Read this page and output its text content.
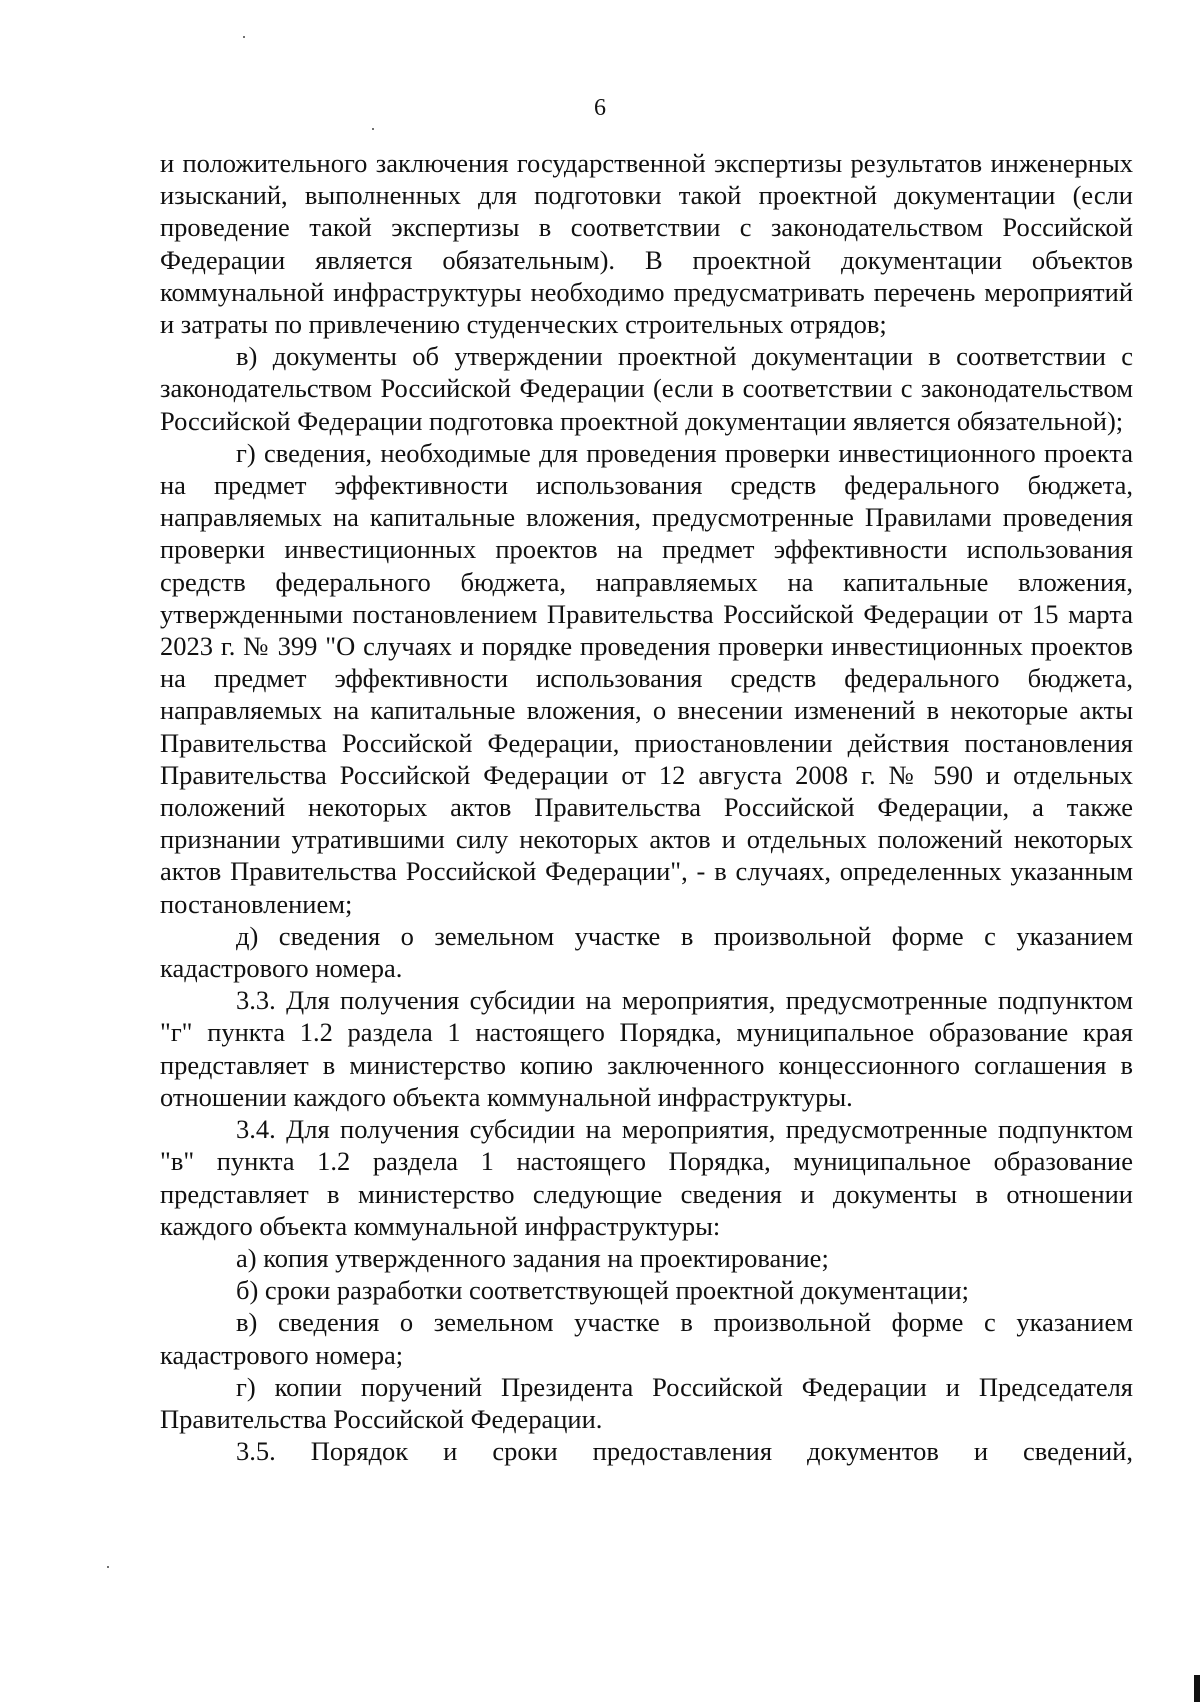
6

и положительного заключения государственной экспертизы результатов инженерных изысканий, выполненных для подготовки такой проектной документации (если проведение такой экспертизы в соответствии с законодательством Российской Федерации является обязательным). В проектной документации объектов коммунальной инфраструктуры необходимо предусматривать перечень мероприятий и затраты по привлечению студенческих строительных отрядов;

в) документы об утверждении проектной документации в соответствии с законодательством Российской Федерации (если в соответствии с законодательством Российской Федерации подготовка проектной документации является обязательной);

г) сведения, необходимые для проведения проверки инвестиционного проекта на предмет эффективности использования средств федерального бюджета, направляемых на капитальные вложения, предусмотренные Правилами проведения проверки инвестиционных проектов на предмет эффективности использования средств федерального бюджета, направляемых на капитальные вложения, утвержденными постановлением Правительства Российской Федерации от 15 марта 2023 г. № 399 "О случаях и порядке проведения проверки инвестиционных проектов на предмет эффективности использования средств федерального бюджета, направляемых на капитальные вложения, о внесении изменений в некоторые акты Правительства Российской Федерации, приостановлении действия постановления Правительства Российской Федерации от 12 августа 2008 г. № 590 и отдельных положений некоторых актов Правительства Российской Федерации, а также признании утратившими силу некоторых актов и отдельных положений некоторых актов Правительства Российской Федерации", - в случаях, определенных указанным постановлением;

д) сведения о земельном участке в произвольной форме с указанием кадастрового номера.

3.3. Для получения субсидии на мероприятия, предусмотренные подпунктом "г" пункта 1.2 раздела 1 настоящего Порядка, муниципальное образование края представляет в министерство копию заключенного концессионного соглашения в отношении каждого объекта коммунальной инфраструктуры.

3.4. Для получения субсидии на мероприятия, предусмотренные подпунктом "в" пункта 1.2 раздела 1 настоящего Порядка, муниципальное образование представляет в министерство следующие сведения и документы в отношении каждого объекта коммунальной инфраструктуры:

а) копия утвержденного задания на проектирование;

б) сроки разработки соответствующей проектной документации;

в) сведения о земельном участке в произвольной форме с указанием кадастрового номера;

г) копии поручений Президента Российской Федерации и Председателя Правительства Российской Федерации.

3.5. Порядок и сроки предоставления документов и сведений,
